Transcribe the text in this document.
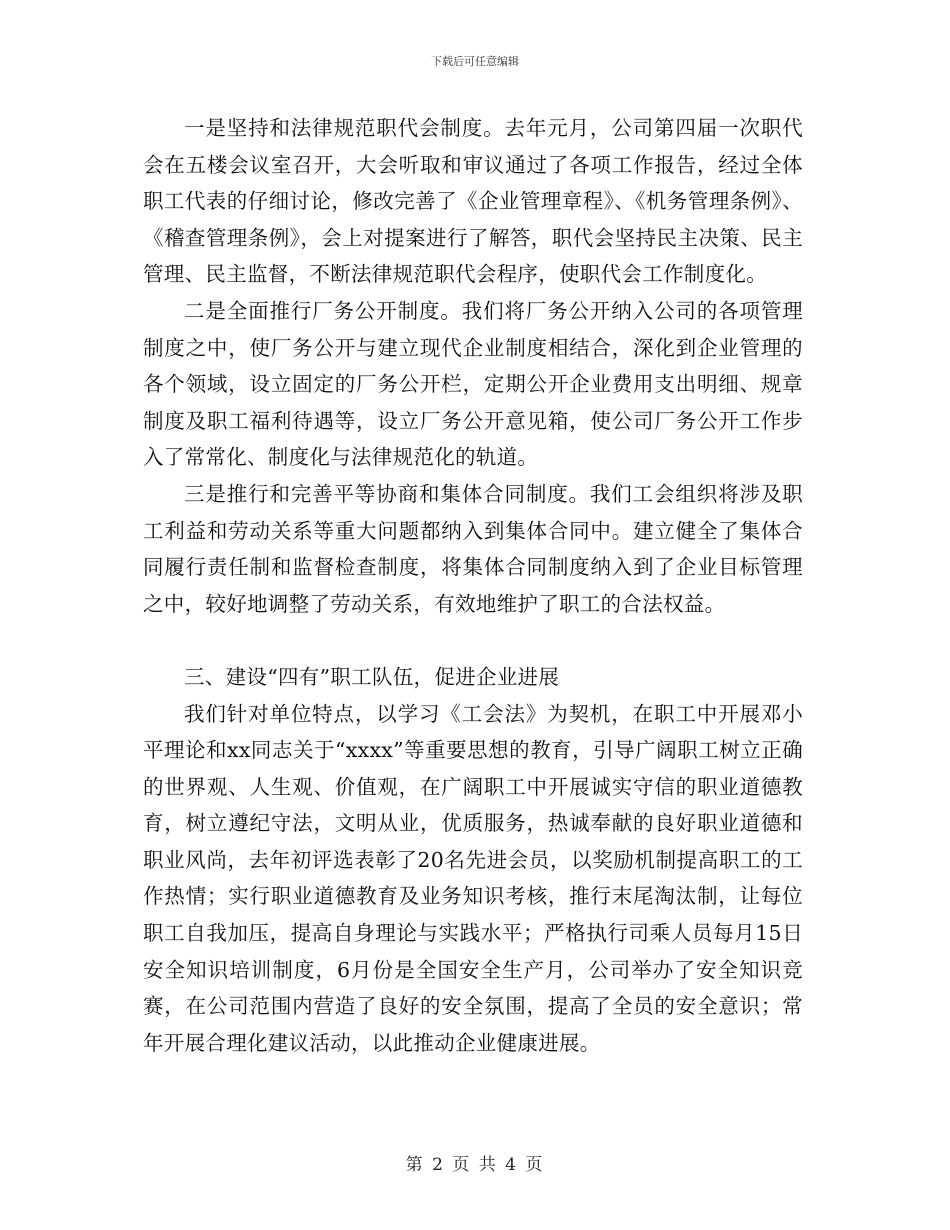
下载后可任意编辑

一是坚持和法律规范职代会制度。去年元月，公司第四届一次职代会在五楼会议室召开，大会听取和审议通过了各项工作报告，经过全体职工代表的仔细讨论，修改完善了《企业管理章程》、《机务管理条例》、《稽查管理条例》，会上对提案进行了解答，职代会坚持民主决策、民主管理、民主监督，不断法律规范职代会程序，使职代会工作制度化。

二是全面推行厂务公开制度。我们将厂务公开纳入公司的各项管理制度之中，使厂务公开与建立现代企业制度相结合，深化到企业管理的各个领域，设立固定的厂务公开栏，定期公开企业费用支出明细、规章制度及职工福利待遇等，设立厂务公开意见箱，使公司厂务公开工作步入了常常化、制度化与法律规范化的轨道。

三是推行和完善平等协商和集体合同制度。我们工会组织将涉及职工利益和劳动关系等重大问题都纳入到集体合同中。建立健全了集体合同履行责任制和监督检查制度，将集体合同制度纳入到了企业目标管理之中，较好地调整了劳动关系，有效地维护了职工的合法权益。

三、建设“四有”职工队伍，促进企业进展

我们针对单位特点，以学习《工会法》为契机，在职工中开展邓小平理论和xx同志关于“xxxx”等重要思想的教育，引导广阔职工树立正确的世界观、人生观、价值观，在广阔职工中开展诚实守信的职业道德教育，树立遵纪守法，文明从业，优质服务，热诚奉献的良好职业道德和职业风尚，去年初评选表彰了20名先进会员，以奖励机制提高职工的工作热情；实行职业道德教育及业务知识考核，推行末尾淘汰制，让每位职工自我加压，提高自身理论与实践水平；严格执行司乘人员每月15日安全知识培训制度，6月份是全国安全生产月，公司举办了安全知识竞赛，在公司范围内营造了良好的安全氛围，提高了全员的安全意识；常年开展合理化建议活动，以此推动企业健康进展。

第 2 页 共 4 页
